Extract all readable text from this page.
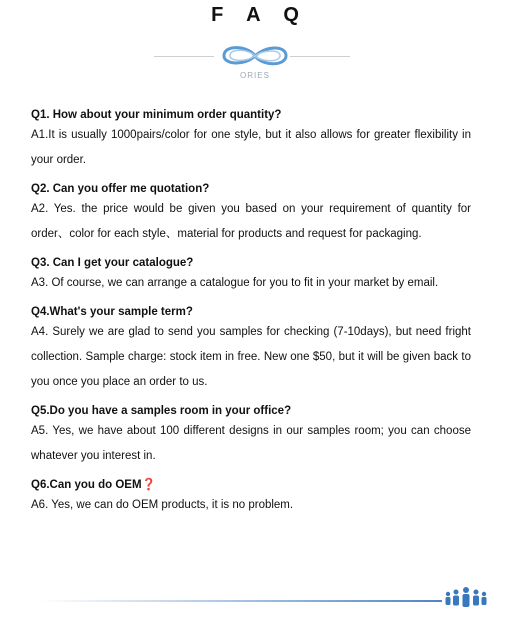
F A Q
ORIES

Q1. How about your minimum order quantity?

A1.It is usually 1000pairs/color for one style, but it also allows for greater flexibility in your order.

Q2. Can you offer me quotation?

A2. Yes. the price would be given you based on your requirement of quantity for order、color for each style、material for products and request for packaging.

Q3. Can I get your catalogue?

A3. Of course, we can arrange a catalogue for you to fit in your market by email.

Q4.What's your sample term?

A4. Surely we are glad to send you samples for checking (7-10days), but need fright collection. Sample charge: stock item in free. New one $50, but it will be given back to you once you place an order to us.

Q5.Do you have a samples room in your office?

A5. Yes, we have about 100 different designs in our samples room; you can choose whatever you interest in.

Q6.Can you do OEM❓

A6. Yes, we can do OEM products, it is no problem.
